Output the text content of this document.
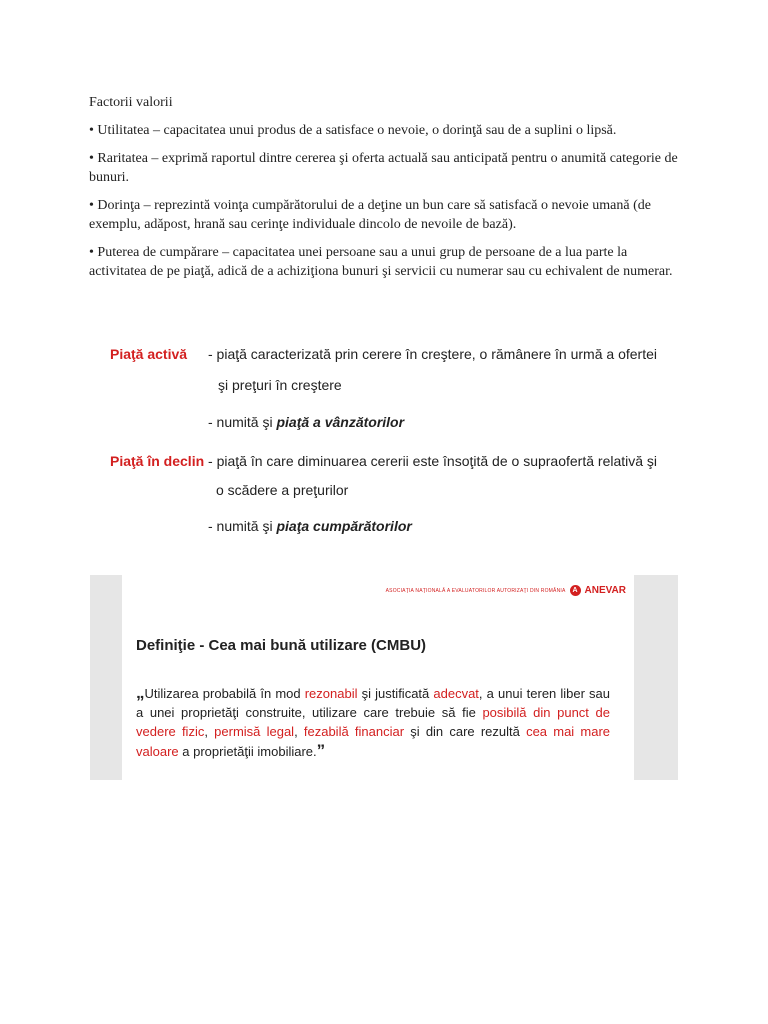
Factorii valorii

• Utilitatea – capacitatea unui produs de a satisface o nevoie, o dorinţă sau de a suplini o lipsă.

• Raritatea – exprimă raportul dintre cererea şi oferta actuală sau anticipată pentru o anumită categorie de bunuri.

• Dorinţa – reprezintă voinţa cumpărătorului de a deţine un bun care să satisfacă o nevoie umană (de exemplu, adăpost, hrană sau cerinţe individuale dincolo de nevoile de bază).

• Puterea de cumpărare – capacitatea unei persoane sau a unui grup de persoane de a lua parte la activitatea de pe piaţă, adică de a achiziţiona bunuri şi servicii cu numerar sau cu echivalent de numerar.

Piaţă activă - piaţă caracterizată prin cerere în creştere, o rămânere în urmă a ofertei
şi preţuri în creştere
- numită şi piaţă a vânzătorilor
Piaţă în declin - piaţă în care diminuarea cererii este însoţită de o supraofertă relativă şi
o scădere a preţurilor
- numită şi piaţa cumpărătorilor
ASOCIAŢIA NAŢIONALĂ A EVALUATORILOR AUTORIZAŢI DIN ROMÂNIA A ANEVAR
Definiţie - Cea mai bună utilizare (CMBU)
„Utilizarea probabilă în mod rezonabil şi justificată adecvat, a unui teren liber sau a unei proprietăţi construite, utilizare care trebuie să fie posibilă din punct de vedere fizic, permisă legal, fezabilă financiar şi din care rezultă cea mai mare valoare a proprietăţii imobiliare.”
